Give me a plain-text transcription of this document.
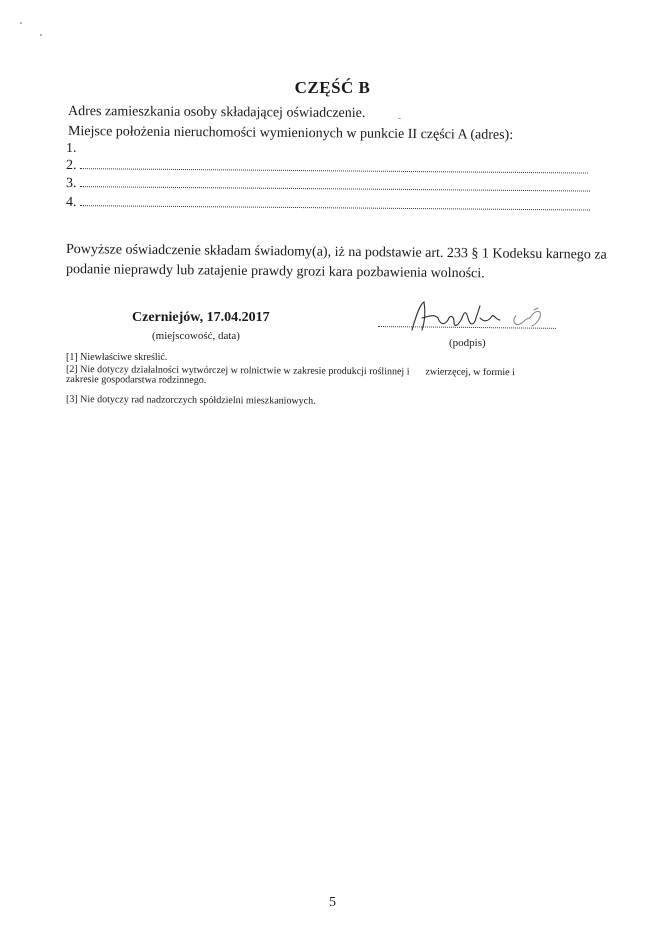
CZĘŚĆ B
Adres zamieszkania osoby składającej oświadczenie.
Miejsce położenia nieruchomości wymienionych w punkcie II części A (adres):
1.
2.
3.
4.
Powyższe oświadczenie składam świadomy(a), iż na podstawie art. 233 § 1 Kodeksu karnego za
podanie nieprawdy lub zatajenie prawdy grozi kara pozbawienia wolności.
Czerniejów, 17.04.2017
(miejscowość, data)
(podpis)
[1] Niewłaściwe skreślić.
[2] Nie dotyczy działalności wytwórczej w rolnictwie w zakresie produkcji roślinnej i zwierzęcej, w formie i
zakresie gospodarstwa rodzinnego.
[3] Nie dotyczy rad nadzorczych spółdzielni mieszkaniowych.
5
